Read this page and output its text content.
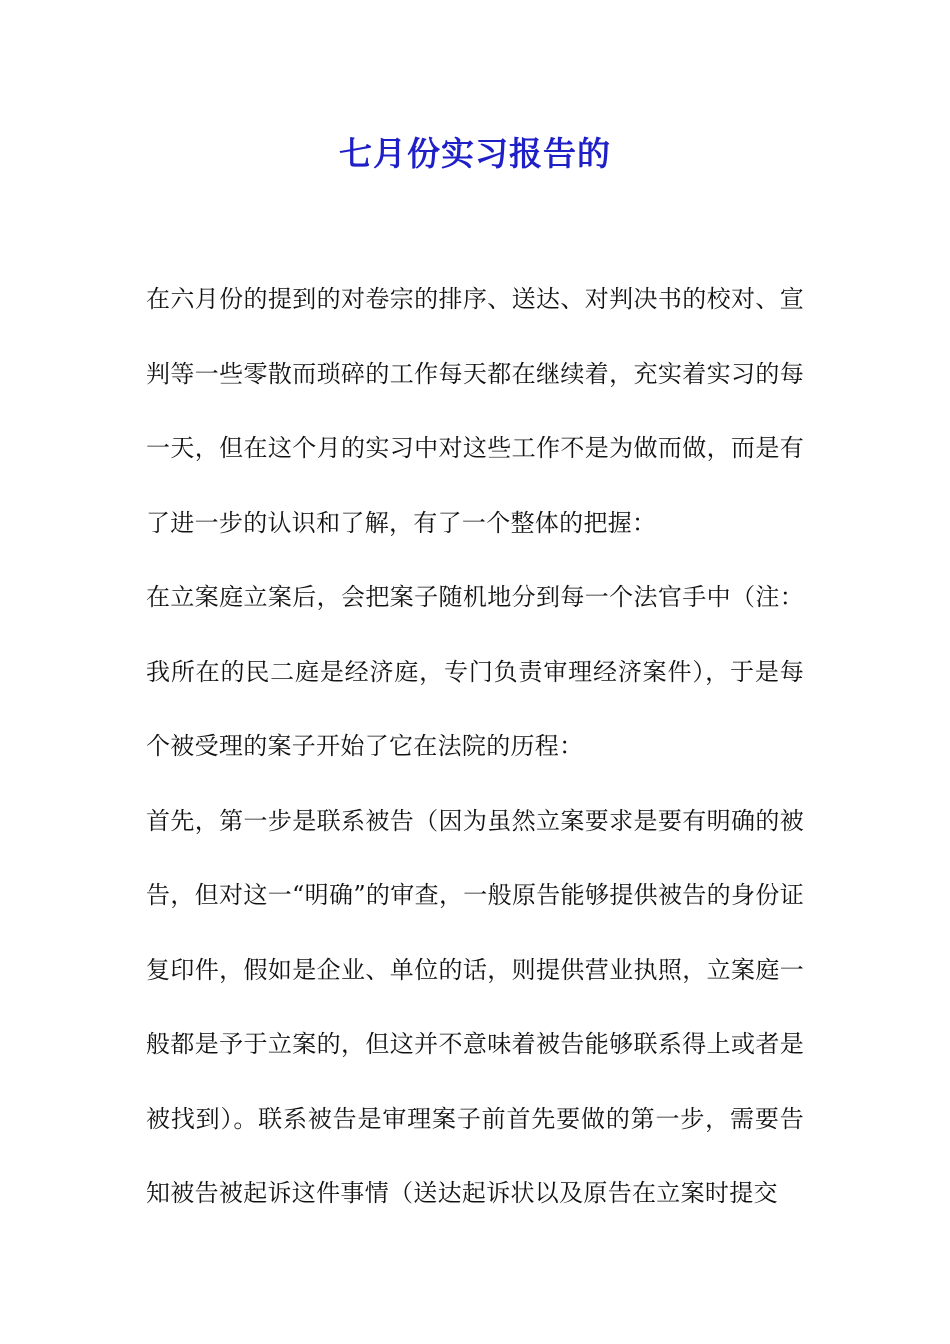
七月份实习报告的

在六月份的提到的对卷宗的排序、送达、对判决书的校对、宣判等一些零散而琐碎的工作每天都在继续着，充实着实习的每一天，但在这个月的实习中对这些工作不是为做而做，而是有了进一步的认识和了解，有了一个整体的把握：

在立案庭立案后，会把案子随机地分到每一个法官手中（注：我所在的民二庭是经济庭，专门负责审理经济案件），于是每个被受理的案子开始了它在法院的历程：

首先，第一步是联系被告（因为虽然立案要求是要有明确的被告，但对这一“明确”的审查，一般原告能够提供被告的身份证复印件，假如是企业、单位的话，则提供营业执照，立案庭一般都是予于立案的，但这并不意味着被告能够联系得上或者是被找到）。联系被告是审理案子前首先要做的第一步，需要告知被告被起诉这件事情（送达起诉状以及原告在立案时提交
